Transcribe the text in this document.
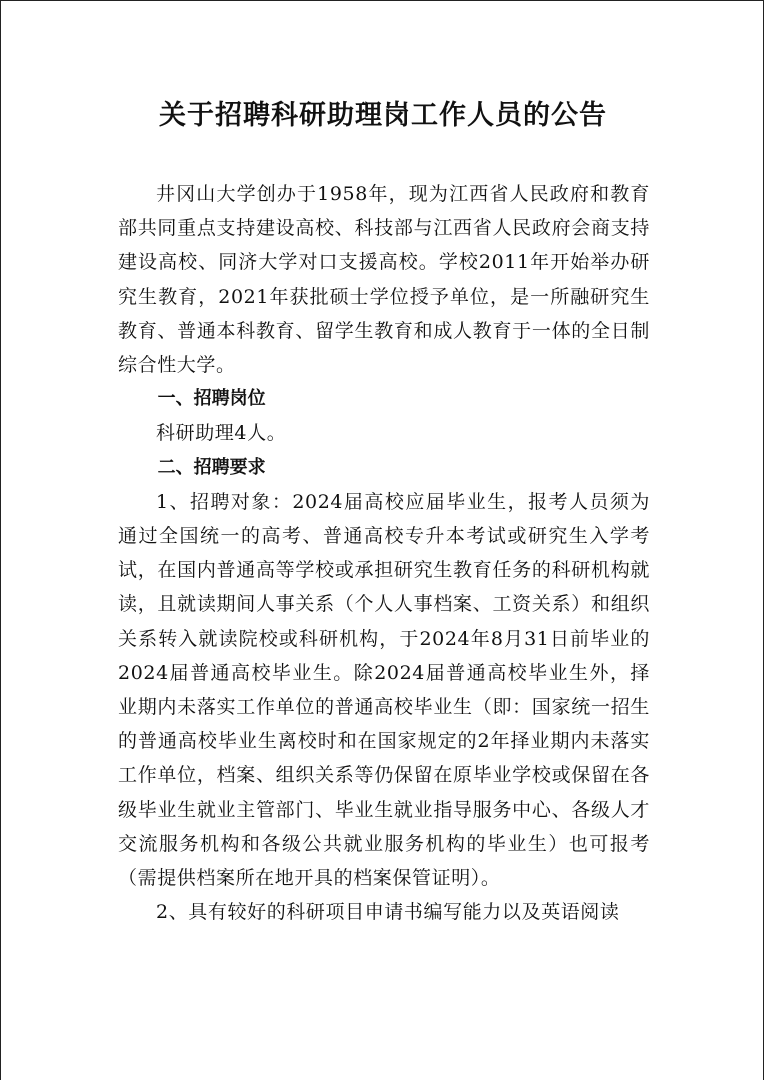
关于招聘科研助理岗工作人员的公告

井冈山大学创办于1958年，现为江西省人民政府和教育部共同重点支持建设高校、科技部与江西省人民政府会商支持建设高校、同济大学对口支援高校。学校2011年开始举办研究生教育，2021年获批硕士学位授予单位，是一所融研究生教育、普通本科教育、留学生教育和成人教育于一体的全日制综合性大学。

一、招聘岗位

科研助理4人。

二、招聘要求

1、招聘对象：2024届高校应届毕业生，报考人员须为通过全国统一的高考、普通高校专升本考试或研究生入学考试，在国内普通高等学校或承担研究生教育任务的科研机构就读，且就读期间人事关系（个人人事档案、工资关系）和组织关系转入就读院校或科研机构，于2024年8月31日前毕业的2024届普通高校毕业生。除2024届普通高校毕业生外，择业期内未落实工作单位的普通高校毕业生（即：国家统一招生的普通高校毕业生离校时和在国家规定的2年择业期内未落实工作单位，档案、组织关系等仍保留在原毕业学校或保留在各级毕业生就业主管部门、毕业生就业指导服务中心、各级人才交流服务机构和各级公共就业服务机构的毕业生）也可报考（需提供档案所在地开具的档案保管证明）。

2、具有较好的科研项目申请书编写能力以及英语阅读
